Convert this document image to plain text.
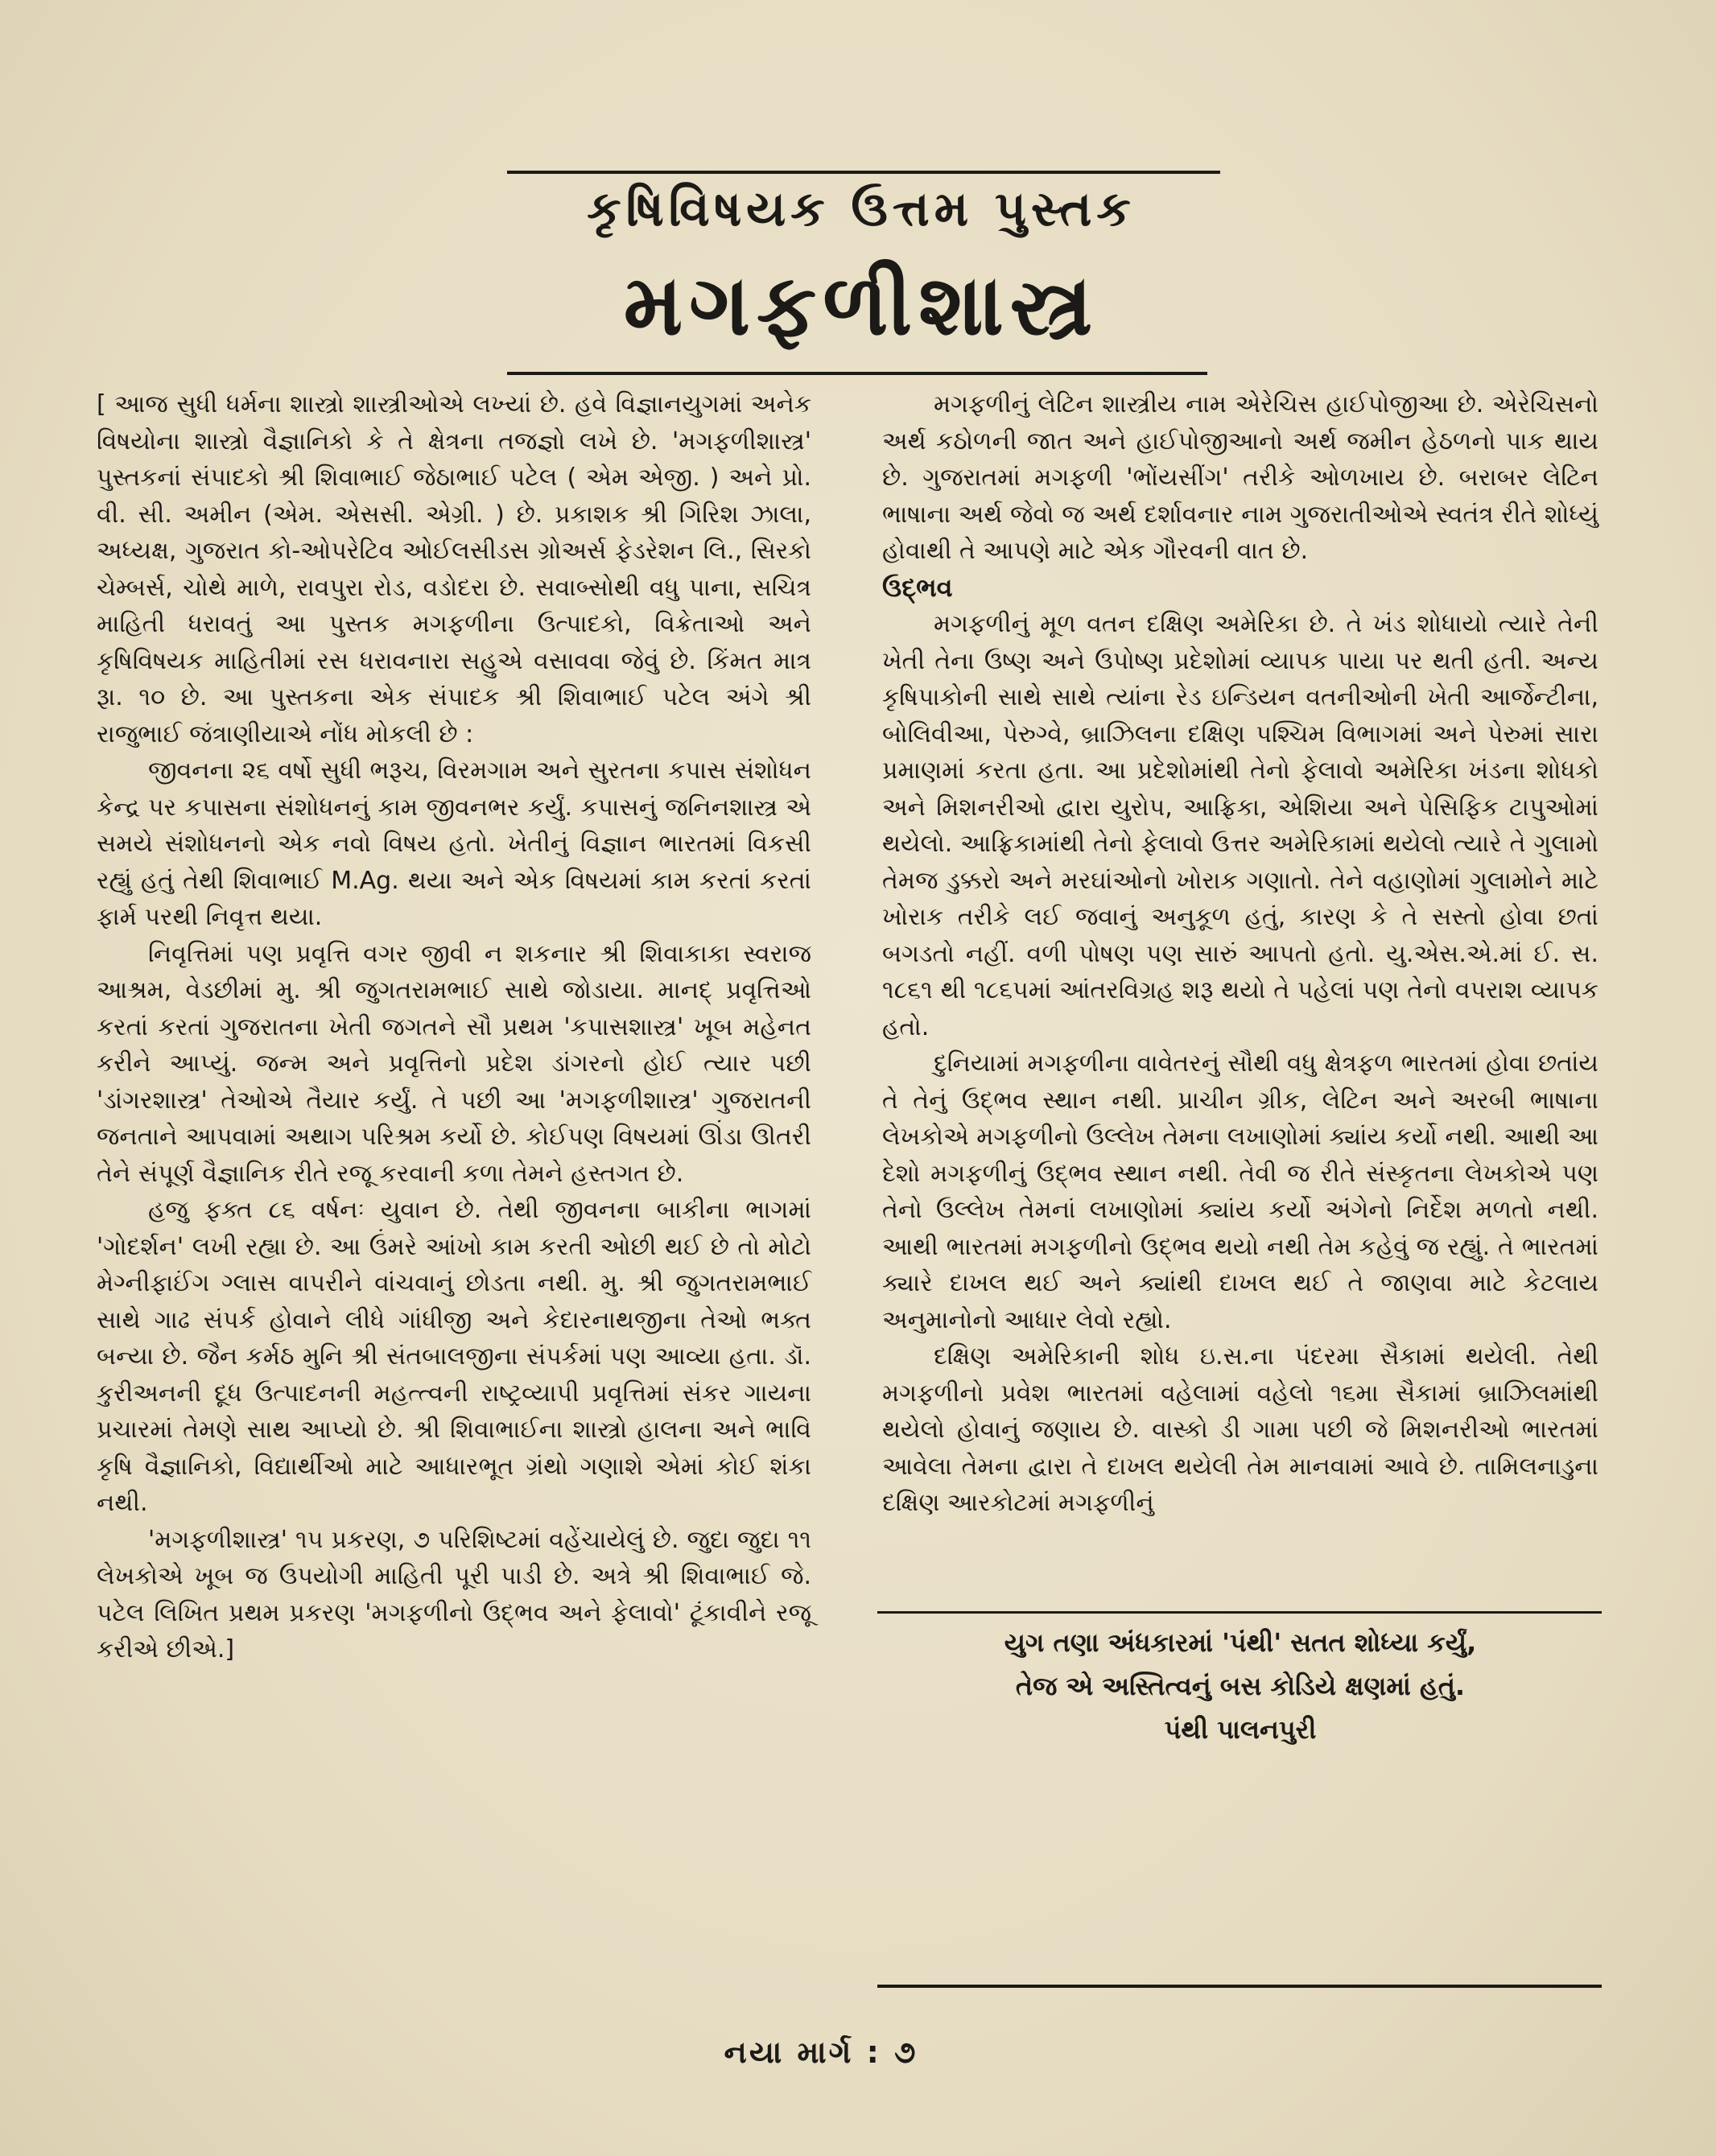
કૃષિવિષયક ઉત્તમ પુસ્તક
મગફળીશાસ્ત્ર

[ આજ સુધી ધર્મના શાસ્ત્રો શાસ્ત્રીઓએ લખ્યાં છે. હવે વિજ્ઞાનયુગમાં અનેક વિષયોના શાસ્ત્રો વૈજ્ઞાનિકો કે તે ક્ષેત્રના તજજ્ઞો લખે છે. 'મગફળીશાસ્ત્ર' પુસ્તકનાં સંપાદકો શ્રી શિવાભાઈ જેઠાભાઈ પટેલ ( એમ એજી. ) અને પ્રો. વી. સી. અમીન (એમ. એસસી. એગ્રી. ) છે. પ્રકાશક શ્રી ગિરિશ ઝાલા, અધ્યક્ષ, ગુજરાત કો-ઓપરેટિવ ઓઈલસીડસ ગ્રોઅર્સ ફેડરેશન લિ., સિરકો ચેમ્બર્સ, ચોથે માળે, રાવપુરા રોડ, વડોદરા છે. સવાબ્સોથી વધુ પાના, સચિત્ર માહિતી ધરાવતું આ પુસ્તક મગફળીના ઉત્પાદકો, વિક્રેતાઓ અને કૃષિવિષયક માહિતીમાં રસ ધરાવનારા સહુએ વસાવવા જેવું છે. કિંમત માત્ર રૂા. ૧૦ છે. આ પુસ્તકના એક સંપાદક શ્રી શિવાભાઈ પટેલ અંગે શ્રી રાજુભાઈ જંત્રાણીયાએ નોંધ મોકલી છે :

જીવનના ૨૬ વર્ષો સુધી ભરૂચ, વિરમગામ અને સુરતના કપાસ સંશોધન કેન્દ્ર પર કપાસના સંશોધનનું કામ જીવનભર કર્યું. કપાસનું જનિનશાસ્ત્ર એ સમયે સંશોધનનો એક નવો વિષય હતો. ખેતીનું વિજ્ઞાન ભારતમાં વિકસી રહ્યું હતું તેથી શિવાભાઈ M.Ag. થયા અને એક વિષયમાં કામ કરતાં કરતાં ફાર્મ પરથી નિવૃત્ત થયા.

નિવૃત્તિમાં પણ પ્રવૃત્તિ વગર જીવી ન શકનાર શ્રી શિવાકાકા સ્વરાજ આશ્રમ, વેડછીમાં મુ. શ્રી જુગતરામભાઈ સાથે જોડાયા. માનદ્ પ્રવૃત્તિઓ કરતાં કરતાં ગુજરાતના ખેતી જગતને સૌ પ્રથમ 'કપાસશાસ્ત્ર' ખૂબ મહેનત કરીને આપ્યું. જન્મ અને પ્રવૃત્તિનો પ્રદેશ ડાંગરનો હોઈ ત્યાર પછી 'ડાંગરશાસ્ત્ર' તેઓએ તૈયાર કર્યું. તે પછી આ 'મગફળીશાસ્ત્ર' ગુજરાતની જનતાને આપવામાં અથાગ પરિશ્રમ કર્યો છે. કોઈપણ વિષયમાં ઊંડા ઊતરી તેને સંપૂર્ણ વૈજ્ઞાનિક રીતે રજૂ કરવાની કળા તેમને હસ્તગત છે.

હજુ ફક્ત ૮૬ વર્ષનઃ યુવાન છે. તેથી જીવનના બાકીના ભાગમાં 'ગોદર્શન' લખી રહ્યા છે. આ ઉંમરે આંખો કામ કરતી ઓછી થઈ છે તો મોટો મેગ્નીફાઈંગ ગ્લાસ વાપરીને વાંચવાનું છોડતા નથી. મુ. શ્રી જુગતરામભાઈ સાથે ગાઢ સંપર્ક હોવાને લીધે ગાંધીજી અને કેદારનાથજીના તેઓ ભક્ત બન્યા છે. જૈન કર્મઠ મુનિ શ્રી સંતબાલજીના સંપર્કમાં પણ આવ્યા હતા. ડૉ. કુરીઅનની દૂધ ઉત્પાદનની મહત્ત્વની રાષ્ટ્રવ્યાપી પ્રવૃત્તિમાં સંકર ગાયના પ્રચારમાં તેમણે સાથ આપ્યો છે. શ્રી શિવાભાઈના શાસ્ત્રો હાલના અને ભાવિ કૃષિ વૈજ્ઞાનિકો, વિદ્યાર્થીઓ માટે આધારભૂત ગ્રંથો ગણાશે એમાં કોઈ શંકા નથી.

'મગફળીશાસ્ત્ર' ૧૫ પ્રકરણ, ૭ પરિશિષ્ટમાં વહેંચાયેલું છે. જુદા જુદા ૧૧ લેખકોએ ખૂબ જ ઉપયોગી માહિતી પૂરી પાડી છે. અત્રે શ્રી શિવાભાઈ જે. પટેલ લિખિત પ્રથમ પ્રકરણ 'મગફળીનો ઉદ્ભવ અને ફેલાવો' ટૂંકાવીને રજૂ કરીએ છીએ.]

મગફળીનું લેટિન શાસ્ત્રીય નામ એરેચિસ હાઈપોજીઆ છે. એરેચિસનો અર્થ કઠોળની જાત અને હાઈપોજીઆનો અર્થ જમીન હેઠળનો પાક થાય છે. ગુજરાતમાં મગફળી 'ભોંયસીંગ' તરીકે ઓળખાય છે. બરાબર લેટિન ભાષાના અર્થ જેવો જ અર્થ દર્શાવનાર નામ ગુજરાતીઓએ સ્વતંત્ર રીતે શોધ્યું હોવાથી તે આપણે માટે એક ગૌરવની વાત છે.

ઉદ્ભવ

મગફળીનું મૂળ વતન દક્ષિણ અમેરિકા છે. તે ખંડ શોધાયો ત્યારે તેની ખેતી તેના ઉષ્ણ અને ઉપોષ્ણ પ્રદેશોમાં વ્યાપક પાયા પર થતી હતી. અન્ય કૃષિપાકોની સાથે સાથે ત્યાંના રેડ ઇન્ડિયન વતનીઓની ખેતી આર્જેન્ટીના, બોલિવીઆ, પેરુગ્વે, બ્રાઝિલના દક્ષિણ પશ્ચિમ વિભાગમાં અને પેરુમાં સારા પ્રમાણમાં કરતા હતા. આ પ્રદેશોમાંથી તેનો ફેલાવો અમેરિકા ખંડના શોધકો અને મિશનરીઓ દ્વારા યુરોપ, આફ્રિકા, એશિયા અને પેસિફિક ટાપુઓમાં થયેલો. આફ્રિકામાંથી તેનો ફેલાવો ઉત્તર અમેરિકામાં થયેલો ત્યારે તે ગુલામો તેમજ ડુક્કરો અને મરઘાંઓનો ખોરાક ગણાતો. તેને વહાણોમાં ગુલામોને માટે ખોરાક તરીકે લઈ જવાનું અનુકૂળ હતું, કારણ કે તે સસ્તો હોવા છતાં બગડતો નહીં. વળી પોષણ પણ સારું આપતો હતો. યુ.એસ.એ.માં ઈ. સ. ૧૮૬૧ થી ૧૮૬૫માં આંતરવિગ્રહ શરૂ થયો તે પહેલાં પણ તેનો વપરાશ વ્યાપક હતો.

દુનિયામાં મગફળીના વાવેતરનું સૌથી વધુ ક્ષેત્રફળ ભારતમાં હોવા છતાંય તે તેનું ઉદ્ભવ સ્થાન નથી. પ્રાચીન ગ્રીક, લેટિન અને અરબી ભાષાના લેખકોએ મગફળીનો ઉલ્લેખ તેમના લખાણોમાં ક્યાંય કર્યો નથી. આથી આ દેશો મગફળીનું ઉદ્ભવ સ્થાન નથી. તેવી જ રીતે સંસ્કૃતના લેખકોએ પણ તેનો ઉલ્લેખ તેમનાં લખાણોમાં ક્યાંય કર્યો અંગેનો નિર્દેશ મળતો નથી. આથી ભારતમાં મગફળીનો ઉદ્ભવ થયો નથી તેમ કહેવું જ રહ્યું. તે ભારતમાં ક્યારે દાખલ થઈ અને ક્યાંથી દાખલ થઈ તે જાણવા માટે કેટલાય અનુમાનોનો આધાર લેવો રહ્યો.

દક્ષિણ અમેરિકાની શોધ ઇ.સ.ના પંદરમા સૈકામાં થયેલી. તેથી મગફળીનો પ્રવેશ ભારતમાં વહેલામાં વહેલો ૧૬મા સૈકામાં બ્રાઝિલમાંથી થયેલો હોવાનું જણાય છે. વાસ્કો ડી ગામા પછી જે મિશનરીઓ ભારતમાં આવેલા તેમના દ્વારા તે દાખલ થયેલી તેમ માનવામાં આવે છે. તામિલનાડુના દક્ષિણ આરકોટમાં મગફળીનું

યુગ તણા અંધકારમાં 'પંથી' સતત શોધ્યા કર્યું,
તેજ એ અસ્તિત્વનું બસ કોડિયે ક્ષણમાં હતું.
પંથી પાલનપુરી
નયા માર્ગ : ૭
